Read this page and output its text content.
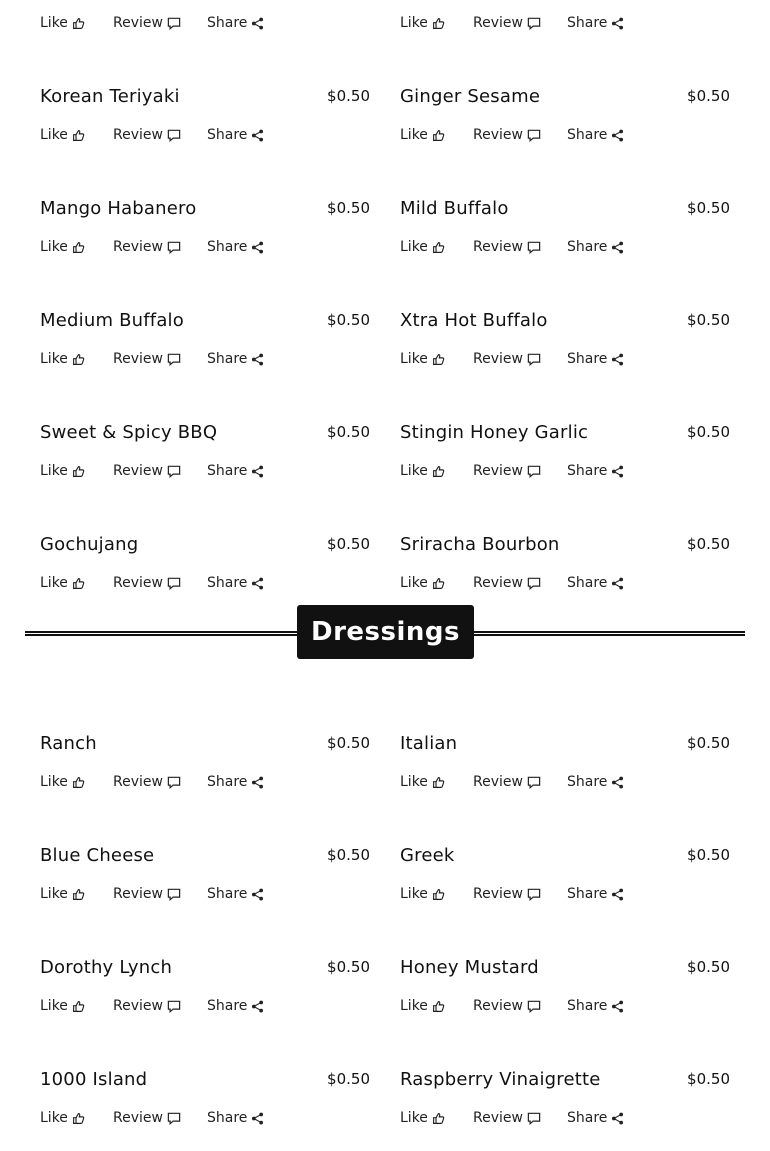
Like	Review	Share	Like	Review	Share
Korean Teriyaki	$0.50
Like	Review	Share
Ginger Sesame	$0.50
Like	Review	Share
Mango Habanero	$0.50
Like	Review	Share
Mild Buffalo	$0.50
Like	Review	Share
Medium Buffalo	$0.50
Like	Review	Share
Xtra Hot Buffalo	$0.50
Like	Review	Share
Sweet & Spicy BBQ	$0.50
Like	Review	Share
Stingin Honey Garlic	$0.50
Like	Review	Share
Gochujang	$0.50
Like	Review	Share
Sriracha Bourbon	$0.50
Like	Review	Share
Dressings
Ranch	$0.50
Like	Review	Share
Italian	$0.50
Like	Review	Share
Blue Cheese	$0.50
Like	Review	Share
Greek	$0.50
Like	Review	Share
Dorothy Lynch	$0.50
Like	Review	Share
Honey Mustard	$0.50
Like	Review	Share
1000 Island	$0.50
Like	Review	Share
Raspberry Vinaigrette	$0.50
Like	Review	Share
